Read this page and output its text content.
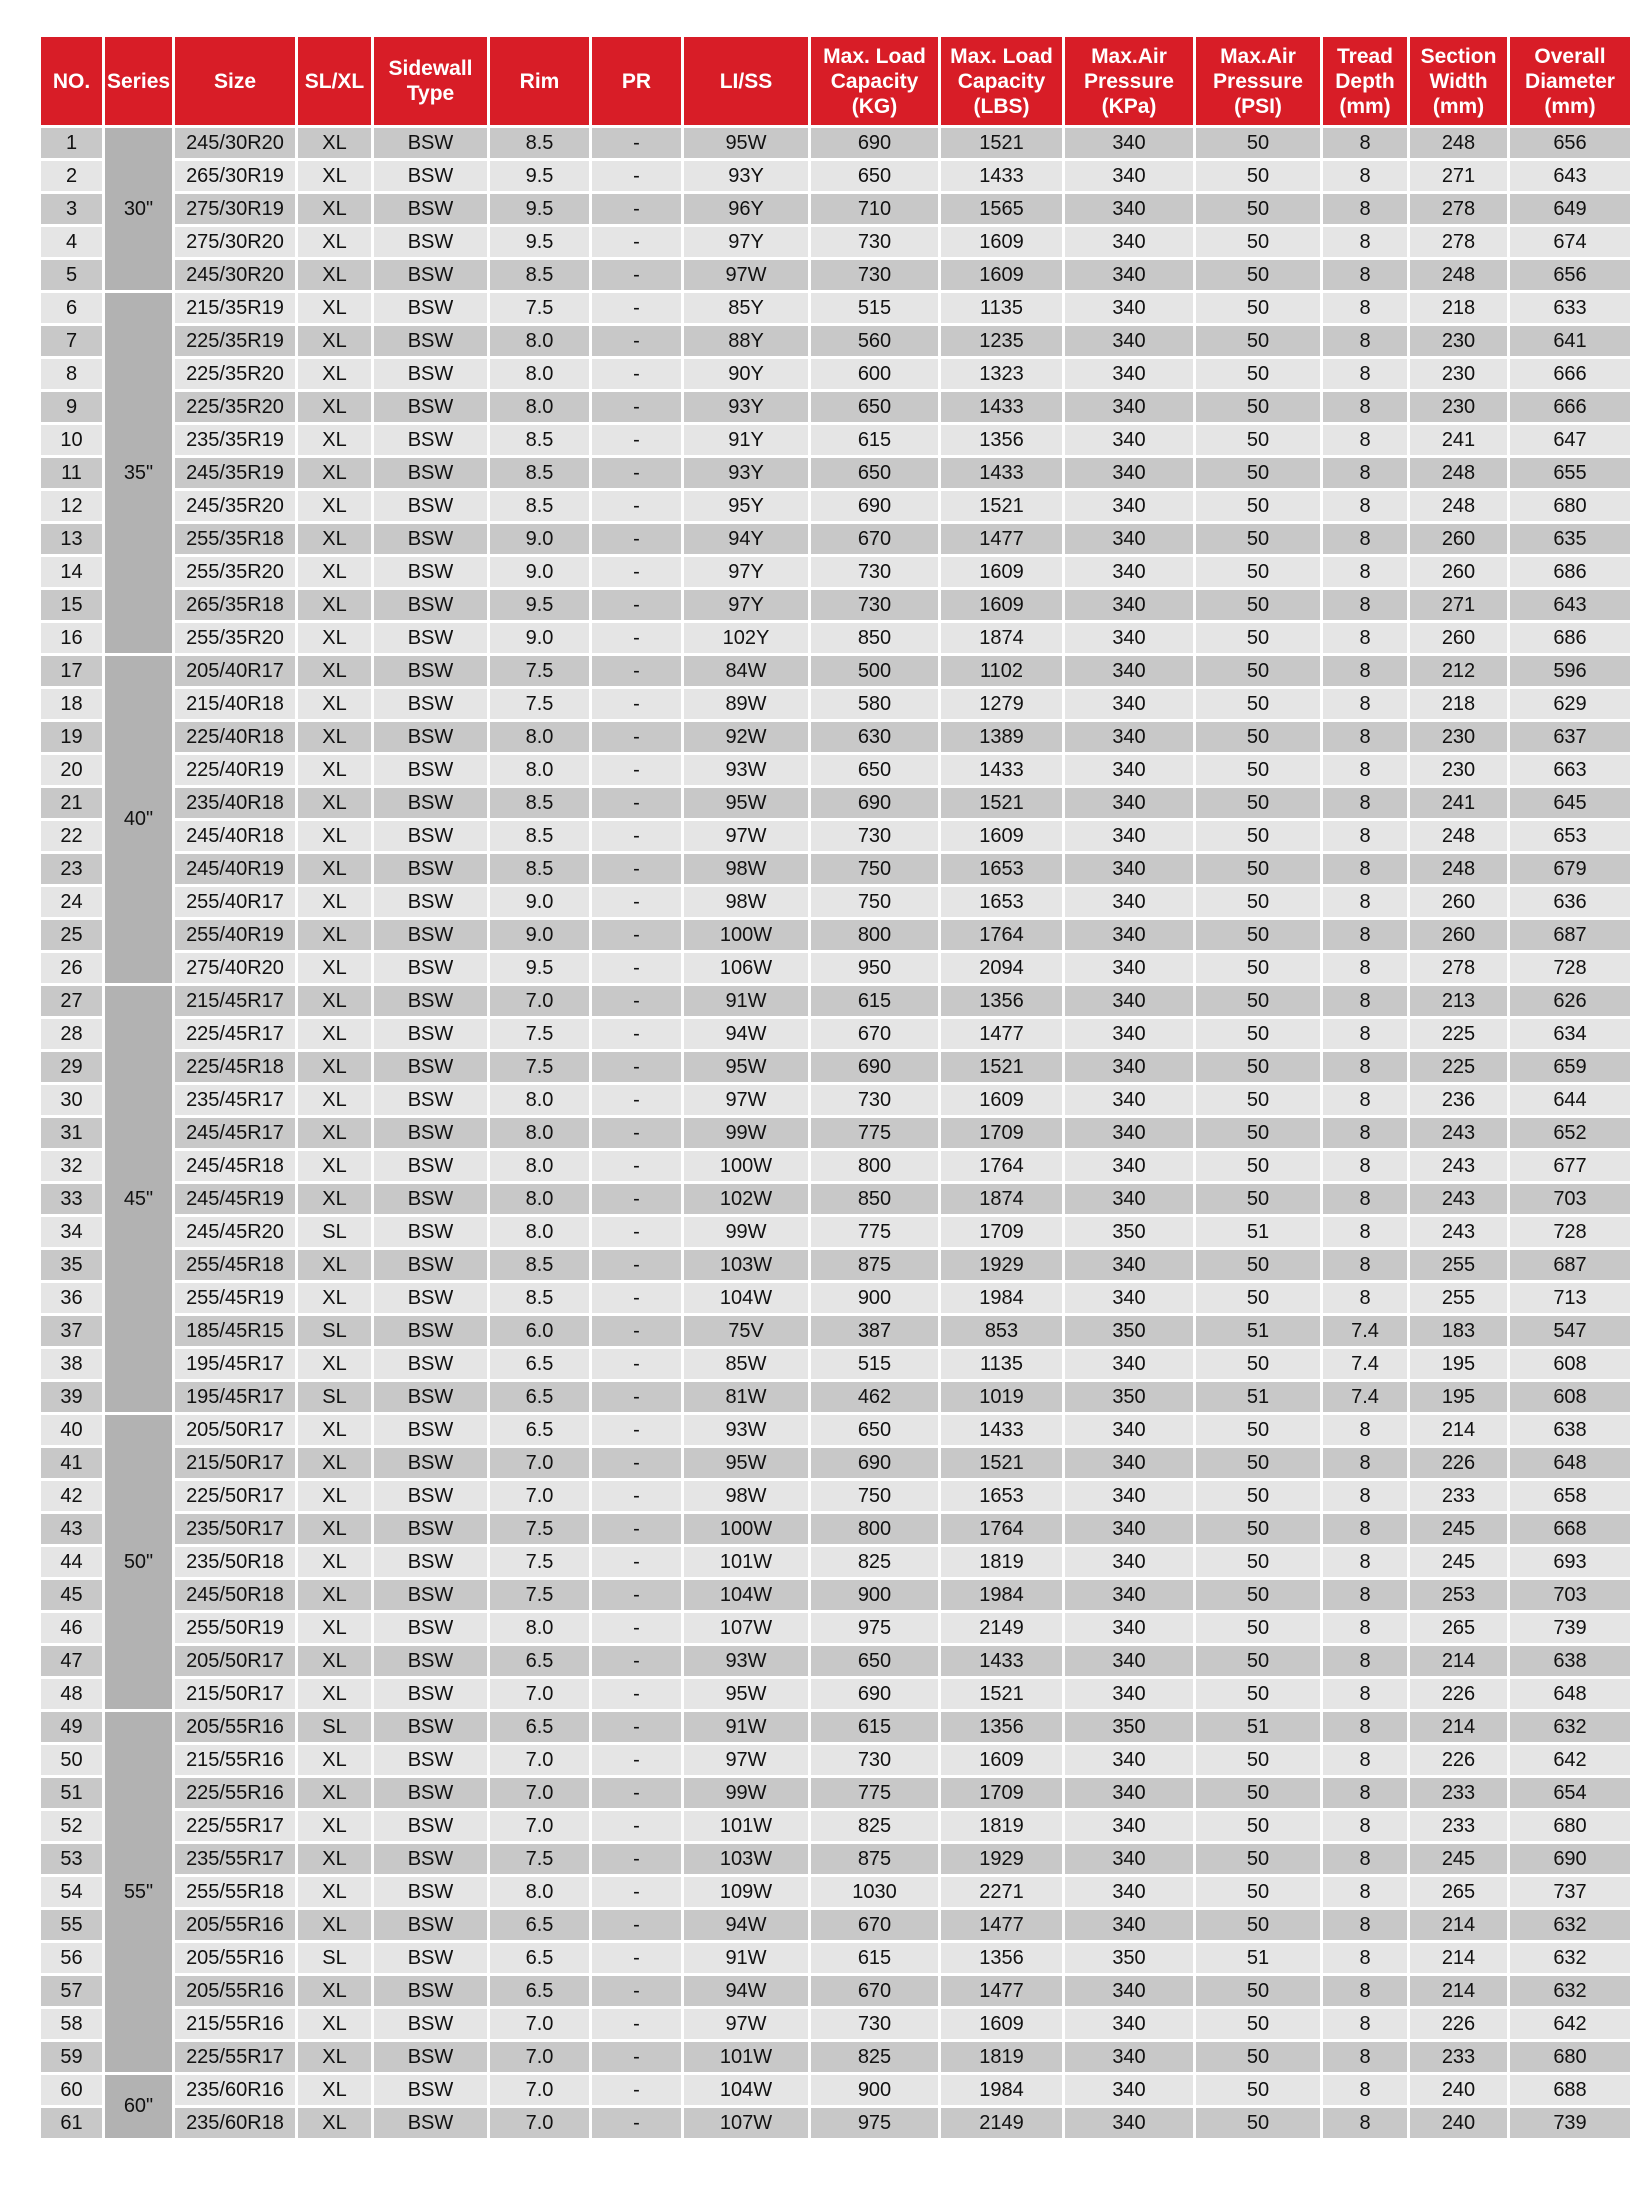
NO.	Series	Size	SL/XL	Sidewall
Type	Rim	PR	LI/SS	Max. Load
Capacity
(KG)	Max. Load
Capacity
(LBS)	Max.Air
Pressure
(KPa)	Max.Air
Pressure
(PSI)	Tread
Depth
(mm)	Section
Width
(mm)	Overall
Diameter
(mm)
1	30"	245/30R20	XL	BSW	8.5	-	95W	690	1521	340	50	8	248	656
2		265/30R19	XL	BSW	9.5	-	93Y	650	1433	340	50	8	271	643
3		275/30R19	XL	BSW	9.5	-	96Y	710	1565	340	50	8	278	649
4		275/30R20	XL	BSW	9.5	-	97Y	730	1609	340	50	8	278	674
5		245/30R20	XL	BSW	8.5	-	97W	730	1609	340	50	8	248	656
6	35"	215/35R19	XL	BSW	7.5	-	85Y	515	1135	340	50	8	218	633
7		225/35R19	XL	BSW	8.0	-	88Y	560	1235	340	50	8	230	641
8		225/35R20	XL	BSW	8.0	-	90Y	600	1323	340	50	8	230	666
9		225/35R20	XL	BSW	8.0	-	93Y	650	1433	340	50	8	230	666
10		235/35R19	XL	BSW	8.5	-	91Y	615	1356	340	50	8	241	647
11		245/35R19	XL	BSW	8.5	-	93Y	650	1433	340	50	8	248	655
12		245/35R20	XL	BSW	8.5	-	95Y	690	1521	340	50	8	248	680
13		255/35R18	XL	BSW	9.0	-	94Y	670	1477	340	50	8	260	635
14		255/35R20	XL	BSW	9.0	-	97Y	730	1609	340	50	8	260	686
15		265/35R18	XL	BSW	9.5	-	97Y	730	1609	340	50	8	271	643
16		255/35R20	XL	BSW	9.0	-	102Y	850	1874	340	50	8	260	686
17	40"	205/40R17	XL	BSW	7.5	-	84W	500	1102	340	50	8	212	596
18		215/40R18	XL	BSW	7.5	-	89W	580	1279	340	50	8	218	629
19		225/40R18	XL	BSW	8.0	-	92W	630	1389	340	50	8	230	637
20		225/40R19	XL	BSW	8.0	-	93W	650	1433	340	50	8	230	663
21		235/40R18	XL	BSW	8.5	-	95W	690	1521	340	50	8	241	645
22		245/40R18	XL	BSW	8.5	-	97W	730	1609	340	50	8	248	653
23		245/40R19	XL	BSW	8.5	-	98W	750	1653	340	50	8	248	679
24		255/40R17	XL	BSW	9.0	-	98W	750	1653	340	50	8	260	636
25		255/40R19	XL	BSW	9.0	-	100W	800	1764	340	50	8	260	687
26		275/40R20	XL	BSW	9.5	-	106W	950	2094	340	50	8	278	728
27	45"	215/45R17	XL	BSW	7.0	-	91W	615	1356	340	50	8	213	626
28		225/45R17	XL	BSW	7.5	-	94W	670	1477	340	50	8	225	634
29		225/45R18	XL	BSW	7.5	-	95W	690	1521	340	50	8	225	659
30		235/45R17	XL	BSW	8.0	-	97W	730	1609	340	50	8	236	644
31		245/45R17	XL	BSW	8.0	-	99W	775	1709	340	50	8	243	652
32		245/45R18	XL	BSW	8.0	-	100W	800	1764	340	50	8	243	677
33		245/45R19	XL	BSW	8.0	-	102W	850	1874	340	50	8	243	703
34		245/45R20	SL	BSW	8.0	-	99W	775	1709	350	51	8	243	728
35		255/45R18	XL	BSW	8.5	-	103W	875	1929	340	50	8	255	687
36		255/45R19	XL	BSW	8.5	-	104W	900	1984	340	50	8	255	713
37		185/45R15	SL	BSW	6.0	-	75V	387	853	350	51	7.4	183	547
38		195/45R17	XL	BSW	6.5	-	85W	515	1135	340	50	7.4	195	608
39		195/45R17	SL	BSW	6.5	-	81W	462	1019	350	51	7.4	195	608
40	50"	205/50R17	XL	BSW	6.5	-	93W	650	1433	340	50	8	214	638
41		215/50R17	XL	BSW	7.0	-	95W	690	1521	340	50	8	226	648
42		225/50R17	XL	BSW	7.0	-	98W	750	1653	340	50	8	233	658
43		235/50R17	XL	BSW	7.5	-	100W	800	1764	340	50	8	245	668
44		235/50R18	XL	BSW	7.5	-	101W	825	1819	340	50	8	245	693
45		245/50R18	XL	BSW	7.5	-	104W	900	1984	340	50	8	253	703
46		255/50R19	XL	BSW	8.0	-	107W	975	2149	340	50	8	265	739
47		205/50R17	XL	BSW	6.5	-	93W	650	1433	340	50	8	214	638
48		215/50R17	XL	BSW	7.0	-	95W	690	1521	340	50	8	226	648
49	55"	205/55R16	SL	BSW	6.5	-	91W	615	1356	350	51	8	214	632
50		215/55R16	XL	BSW	7.0	-	97W	730	1609	340	50	8	226	642
51		225/55R16	XL	BSW	7.0	-	99W	775	1709	340	50	8	233	654
52		225/55R17	XL	BSW	7.0	-	101W	825	1819	340	50	8	233	680
53		235/55R17	XL	BSW	7.5	-	103W	875	1929	340	50	8	245	690
54		255/55R18	XL	BSW	8.0	-	109W	1030	2271	340	50	8	265	737
55		205/55R16	XL	BSW	6.5	-	94W	670	1477	340	50	8	214	632
56		205/55R16	SL	BSW	6.5	-	91W	615	1356	350	51	8	214	632
57		205/55R16	XL	BSW	6.5	-	94W	670	1477	340	50	8	214	632
58		215/55R16	XL	BSW	7.0	-	97W	730	1609	340	50	8	226	642
59		225/55R17	XL	BSW	7.0	-	101W	825	1819	340	50	8	233	680
60	60"	235/60R16	XL	BSW	7.0	-	104W	900	1984	340	50	8	240	688
61		235/60R18	XL	BSW	7.0	-	107W	975	2149	340	50	8	240	739
